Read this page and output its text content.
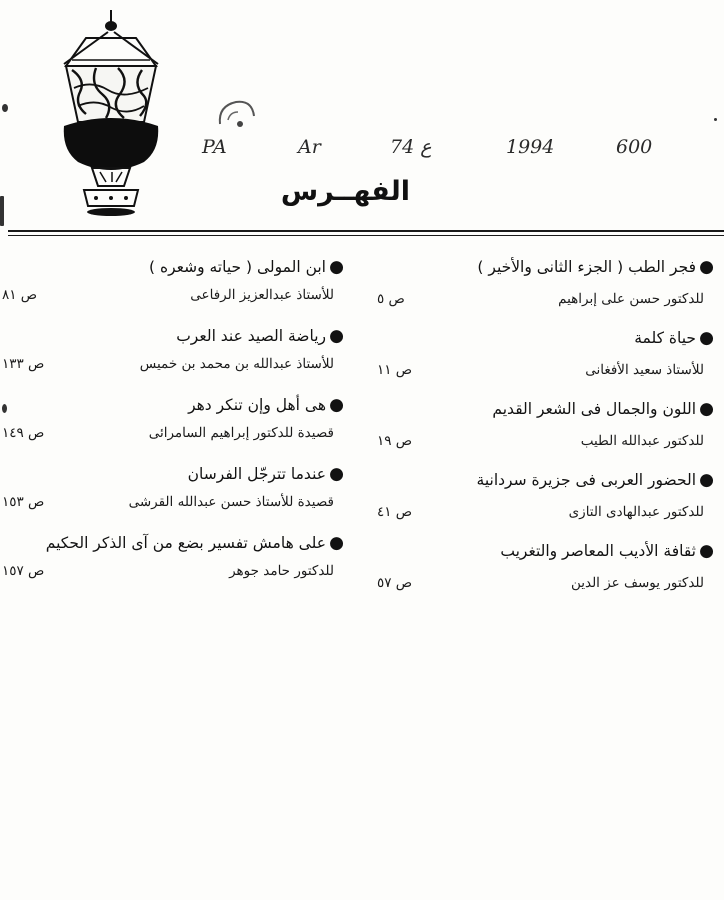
PA	Ar	74 ع	1994	600
الفهــرس
●
فجر الطب ( الجزء الثانى والأخير )
للدكتور حسن على إبراهيم
ص ٥
●
حياة كلمة
للأستاذ سعيد الأفغانى
ص ١١
●
اللون والجمال فى الشعر القديم
للدكتور عبدالله الطيب
ص ١٩
●
الحضور العربى فى جزيرة سردانية
للدكتور عبدالهادى التازى
ص ٤١
●
ثقافة الأديب المعاصر والتغريب
للدكتور يوسف عز الدين
ص ٥٧
●
ابن المولى ( حياته وشعره )
للأستاذ عبدالعزيز الرفاعى
ص ٨١
●
رياضة الصيد عند العرب
للأستاذ عبدالله بن محمد بن خميس
ص ١٣٣
●
هى أهل وإن تنكر دهر
قصيدة للدكتور إبراهيم السامرائى
ص ١٤٩
●
عندما تترجّل الفرسان
قصيدة للأستاذ حسن عبدالله القرشى
ص ١٥٣
●
على هامش تفسير بضع من آى الذكر الحكيم
للدكتور حامد جوهر
ص ١٥٧
